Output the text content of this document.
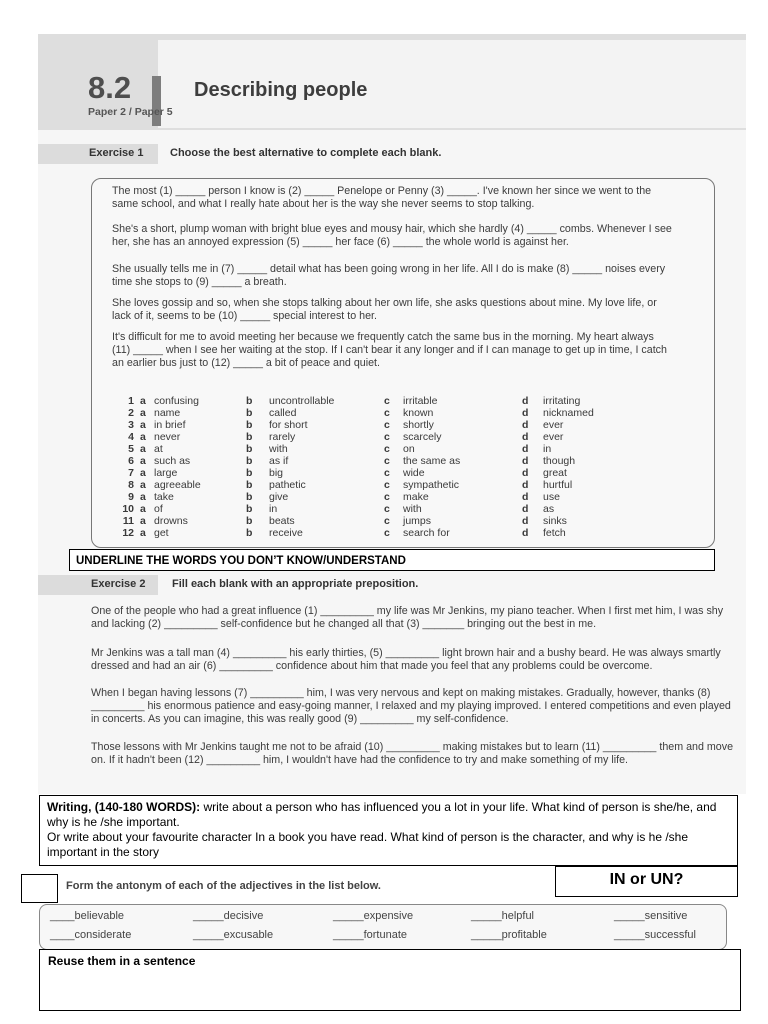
8.2	Describing people
Paper 2 / Paper 5
Exercise 1 Choose the best alternative to complete each blank.

The most (1) _____ person I know is (2) _____ Penelope or Penny (3) _____. I've known her since we went to the same school, and what I really hate about her is the way she never seems to stop talking.

She's a short, plump woman with bright blue eyes and mousy hair, which she hardly (4) _____ combs. Whenever I see her, she has an annoyed expression (5) _____ her face (6) _____ the whole world is against her.

She usually tells me in (7) _____ detail what has been going wrong in her life. All I do is make (8) _____ noises every time she stops to (9) _____ a breath.

She loves gossip and so, when she stops talking about her own life, she asks questions about mine. My love life, or lack of it, seems to be (10) _____ special interest to her.

It's difficult for me to avoid meeting her because we frequently catch the same bus in the morning. My heart always (11) _____ when I see her waiting at the stop. If I can't bear it any longer and if I can manage to get up in time, I catch an earlier bus just to (12) _____ a bit of peace and quiet.

1 a confusing	b uncontrollable	c irritable	d irritating
2 a name	b called	c known	d nicknamed
3 a in brief	b for short	c shortly	d ever
4 a never	b rarely	c scarcely	d ever
5 a at	b with	c on	d in
6 a such as	b as if	c the same as	d though
7 a large	b big	c wide	d great
8 a agreeable	b pathetic	c sympathetic	d hurtful
9 a take	b give	c make	d use
10 a of	b in	c with	d as
11 a drowns	b beats	c jumps	d sinks
12 a get	b receive	c search for	d fetch
UNDERLINE THE WORDS YOU DON’T KNOW/UNDERSTAND
Exercise 2 Fill each blank with an appropriate preposition.

One of the people who had a great influence (1) _________ my life was Mr Jenkins, my piano teacher. When I first met him, I was shy and lacking (2) _________ self-confidence but he changed all that (3) _______ bringing out the best in me.

Mr Jenkins was a tall man (4) _________ his early thirties, (5) _________ light brown hair and a bushy beard. He was always smartly dressed and had an air (6) _________ confidence about him that made you feel that any problems could be overcome.

When I began having lessons (7) _________ him, I was very nervous and kept on making mistakes. Gradually, however, thanks (8) _________ his enormous patience and easy-going manner, I relaxed and my playing improved. I entered competitions and even played in concerts. As you can imagine, this was really good (9) _________ my self-confidence.

Those lessons with Mr Jenkins taught me not to be afraid (10) _________ making mistakes but to learn (11) _________ them and move on. If it hadn't been (12) _________ him, I wouldn't have had the confidence to try and make something of my life.

Writing, (140-180 WORDS): write about a person who has influenced you a lot in your life. What kind of person is she/he, and why is he /she important.
Or write about your favourite character In a book you have read. What kind of person is the character, and why is he /she important in the story
IN or UN?
Form the antonym of each of the adjectives in the list below.
____believable	_____decisive	_____expensive	_____helpful	_____sensitive
____considerate	_____excusable	_____fortunate	_____profitable	_____successful
Reuse them in a sentence
